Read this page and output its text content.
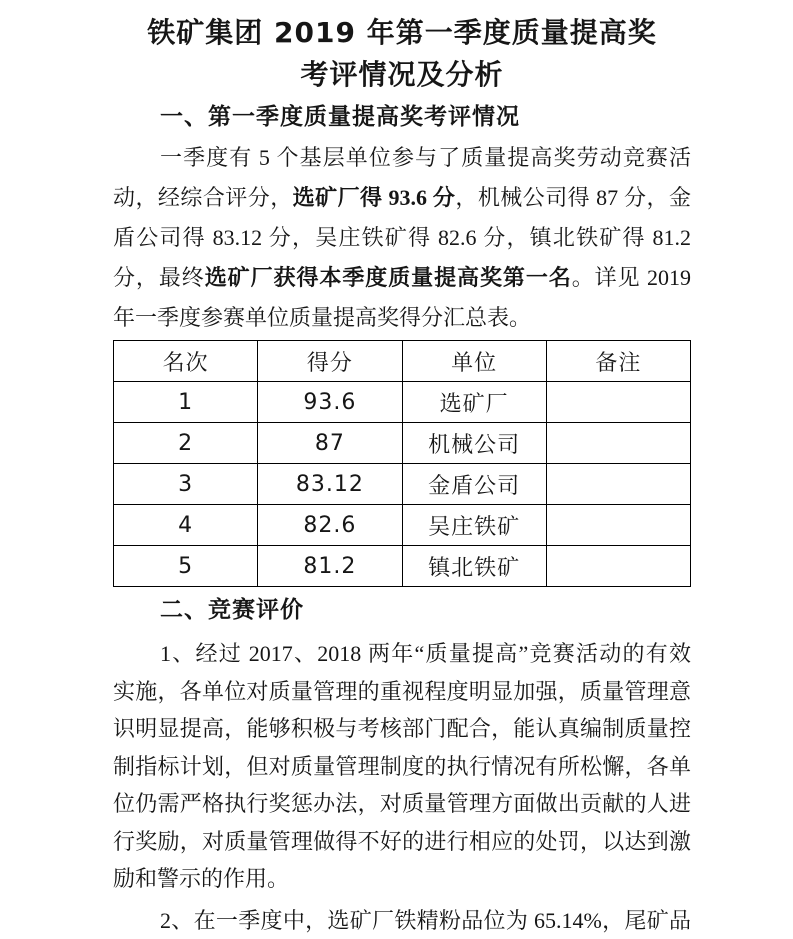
铁矿集团 2019 年第一季度质量提高奖
考评情况及分析
一、第一季度质量提高奖考评情况
一季度有 5 个基层单位参与了质量提高奖劳动竞赛活
动，经综合评分，选矿厂得 93.6 分，机械公司得 87 分，金
盾公司得 83.12 分，吴庄铁矿得 82.6 分，镇北铁矿得 81.2
分，最终选矿厂获得本季度质量提高奖第一名。详见 2019
年一季度参赛单位质量提高奖得分汇总表。
名次	得分	单位	备注
1	93.6	选矿厂	
2	87	机械公司	
3	83.12	金盾公司	
4	82.6	吴庄铁矿	
5	81.2	镇北铁矿	
二、竞赛评价
1、经过 2017、2018 两年“质量提高”竞赛活动的有效
实施，各单位对质量管理的重视程度明显加强，质量管理意
识明显提高，能够积极与考核部门配合，能认真编制质量控
制指标计划，但对质量管理制度的执行情况有所松懈，各单
位仍需严格执行奖惩办法，对质量管理方面做出贡献的人进
行奖励，对质量管理做得不好的进行相应的处罚，以达到激
励和警示的作用。
2、在一季度中，选矿厂铁精粉品位为 65.14%，尾矿品
